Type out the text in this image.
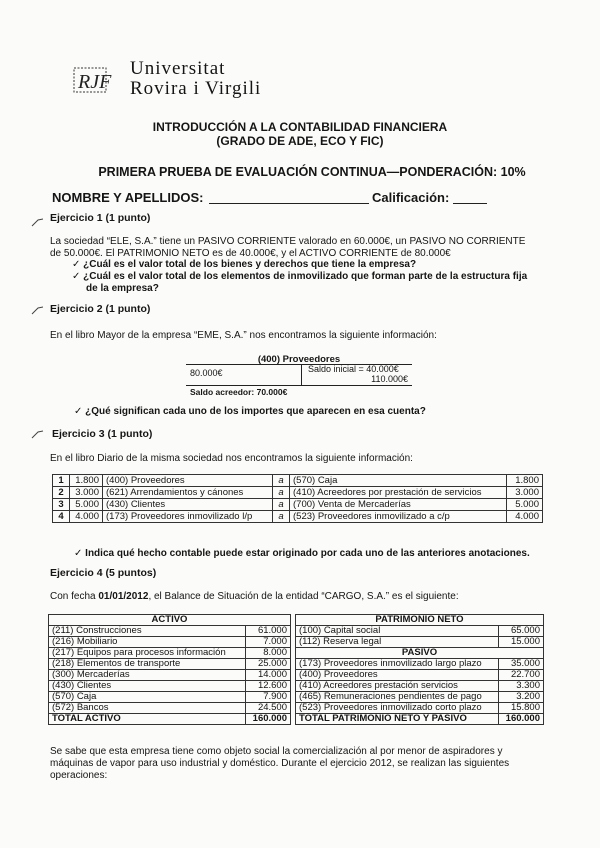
RJF
Universitat
Rovira i Virgili
INTRODUCCIÓN A LA CONTABILIDAD FINANCIERA
(GRADO DE ADE, ECO Y FIC)
PRIMERA PRUEBA DE EVALUACIÓN CONTINUA—PONDERACIÓN: 10%
NOMBRE Y APELLIDOS:	Calificación:
Ejercicio 1 (1 punto)
La sociedad “ELE, S.A.” tiene un PASIVO CORRIENTE valorado en 60.000€, un PASIVO NO CORRIENTE
de 50.000€. El PATRIMONIO NETO es de 40.000€, y el ACTIVO CORRIENTE de 80.000€
✓ ¿Cuál es el valor total de los bienes y derechos que tiene la empresa?
✓ ¿Cuál es el valor total de los elementos de inmovilizado que forman parte de la estructura fija
de la empresa?
Ejercicio 2 (1 punto)
En el libro Mayor de la empresa “EME, S.A.” nos encontramos la siguiente información:
(400) Proveedores
80.000€	Saldo inicial = 40.000€
110.000€
Saldo acreedor: 70.000€
✓ ¿Qué significan cada uno de los importes que aparecen en esa cuenta?
Ejercicio 3 (1 punto)
En el libro Diario de la misma sociedad nos encontramos la siguiente información:
1	1.800	(400) Proveedores	a	(570) Caja	1.800
2	3.000	(621) Arrendamientos y cánones	a	(410) Acreedores por prestación de servicios	3.000
3	5.000	(430) Clientes	a	(700) Venta de Mercaderías	5.000
4	4.000	(173) Proveedores inmovilizado l/p	a	(523) Proveedores inmovilizado a c/p	4.000
✓ Indica qué hecho contable puede estar originado por cada uno de las anteriores anotaciones.
Ejercicio 4 (5 puntos)
Con fecha 01/01/2012, el Balance de Situación de la entidad “CARGO, S.A.” es el siguiente:
ACTIVO			PATRIMONIO NETO	
(211) Construcciones	61.000		(100) Capital social	65.000
(216) Mobiliario	7.000		(112) Reserva legal	15.000
(217) Equipos para procesos información	8.000		PASIVO	
(218) Elementos de transporte	25.000		(173) Proveedores inmovilizado largo plazo	35.000
(300) Mercaderías	14.000		(400) Proveedores	22.700
(430) Clientes	12.600		(410) Acreedores prestación servicios	3.300
(570) Caja	7.900		(465) Remuneraciones pendientes de pago	3.200
(572) Bancos	24.500		(523) Proveedores inmovilizado corto plazo	15.800
TOTAL ACTIVO	160.000		TOTAL PATRIMONIO NETO Y PASIVO	160.000
Se sabe que esta empresa tiene como objeto social la comercialización al por menor de aspiradores y
máquinas de vapor para uso industrial y doméstico. Durante el ejercicio 2012, se realizan las siguientes
operaciones:
